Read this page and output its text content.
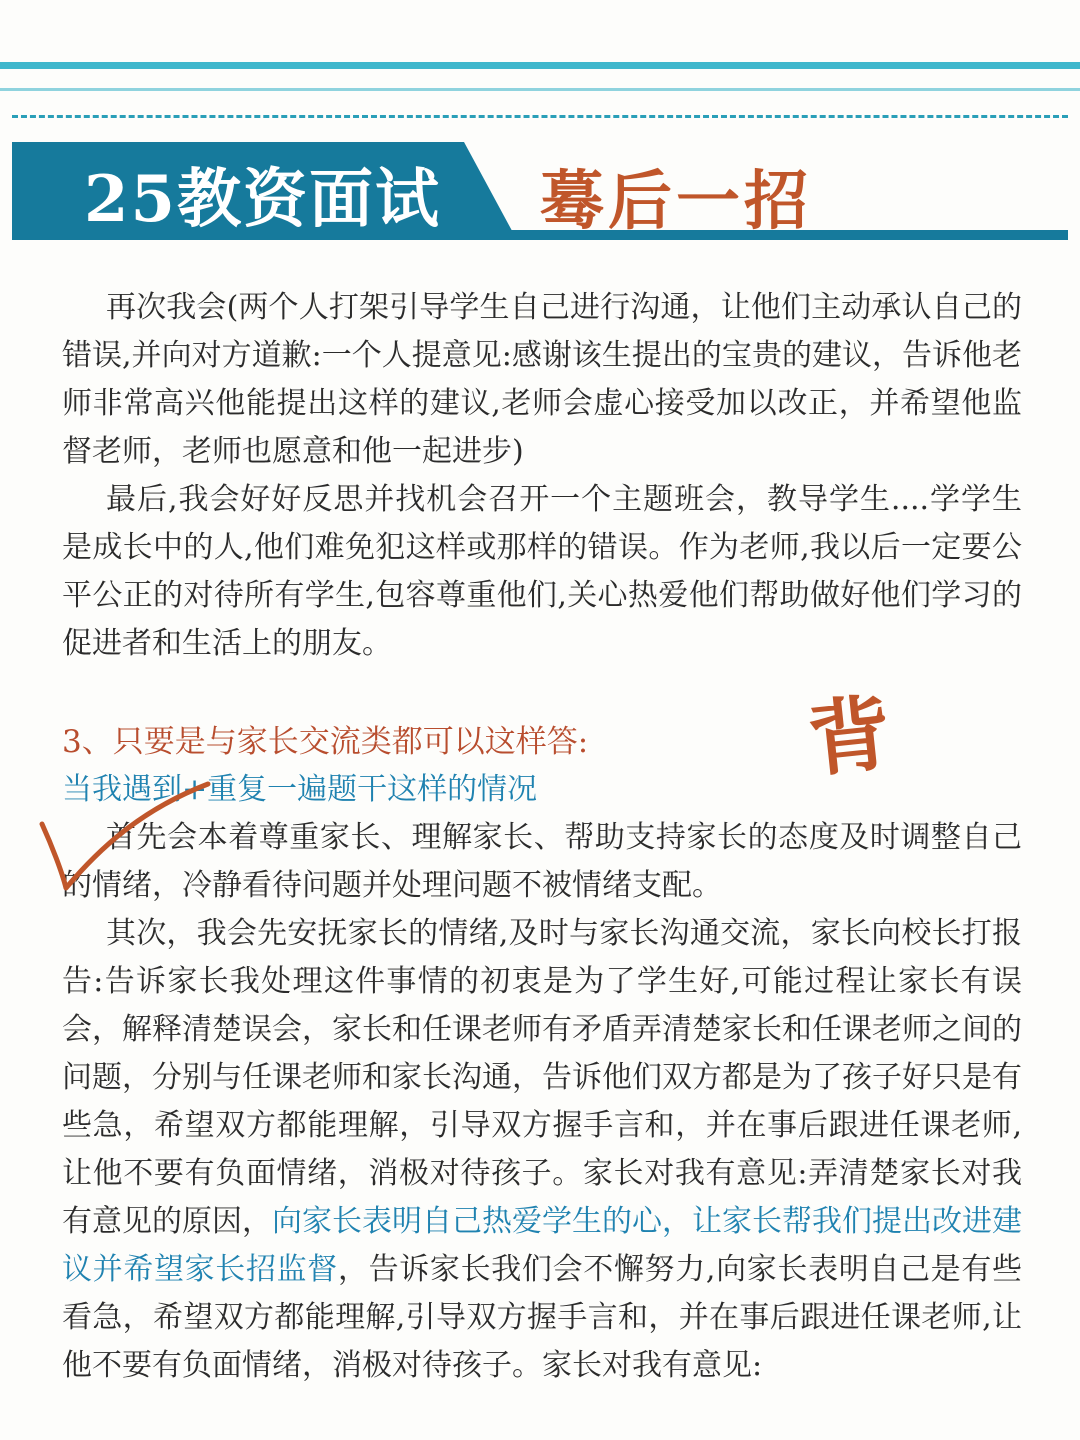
25教资面试 蓦后一招

再次我会(两个人打架引导学生自己进行沟通，让他们主动承认自己的错误,并向对方道歉:一个人提意见:感谢该生提出的宝贵的建议，告诉他老师非常高兴他能提出这样的建议,老师会虚心接受加以改正，并希望他监督老师，老师也愿意和他一起进步)

最后,我会好好反思并找机会召开一个主题班会，教导学生....学学生是成长中的人,他们难免犯这样或那样的错误。作为老师,我以后一定要公平公正的对待所有学生,包容尊重他们,关心热爱他们帮助做好他们学习的促进者和生活上的朋友。

3、只要是与家长交流类都可以这样答:

当我遇到+重复一遍题干这样的情况

首先会本着尊重家长、理解家长、帮助支持家长的态度及时调整自己的情绪，冷静看待问题并处理问题不被情绪支配。

其次，我会先安抚家长的情绪,及时与家长沟通交流，家长向校长打报告:告诉家长我处理这件事情的初衷是为了学生好,可能过程让家长有误会，解释清楚误会，家长和任课老师有矛盾弄清楚家长和任课老师之间的问题，分别与任课老师和家长沟通，告诉他们双方都是为了孩子好只是有些急，希望双方都能理解，引导双方握手言和，并在事后跟进任课老师,让他不要有负面情绪，消极对待孩子。家长对我有意见:弄清楚家长对我有意见的原因，向家长表明自己热爱学生的心，让家长帮我们提出改进建议并希望家长招监督，告诉家长我们会不懈努力,向家长表明自己是有些看急，希望双方都能理解,引导双方握手言和，并在事后跟进任课老师,让他不要有负面情绪，消极对待孩子。家长对我有意见:

背
